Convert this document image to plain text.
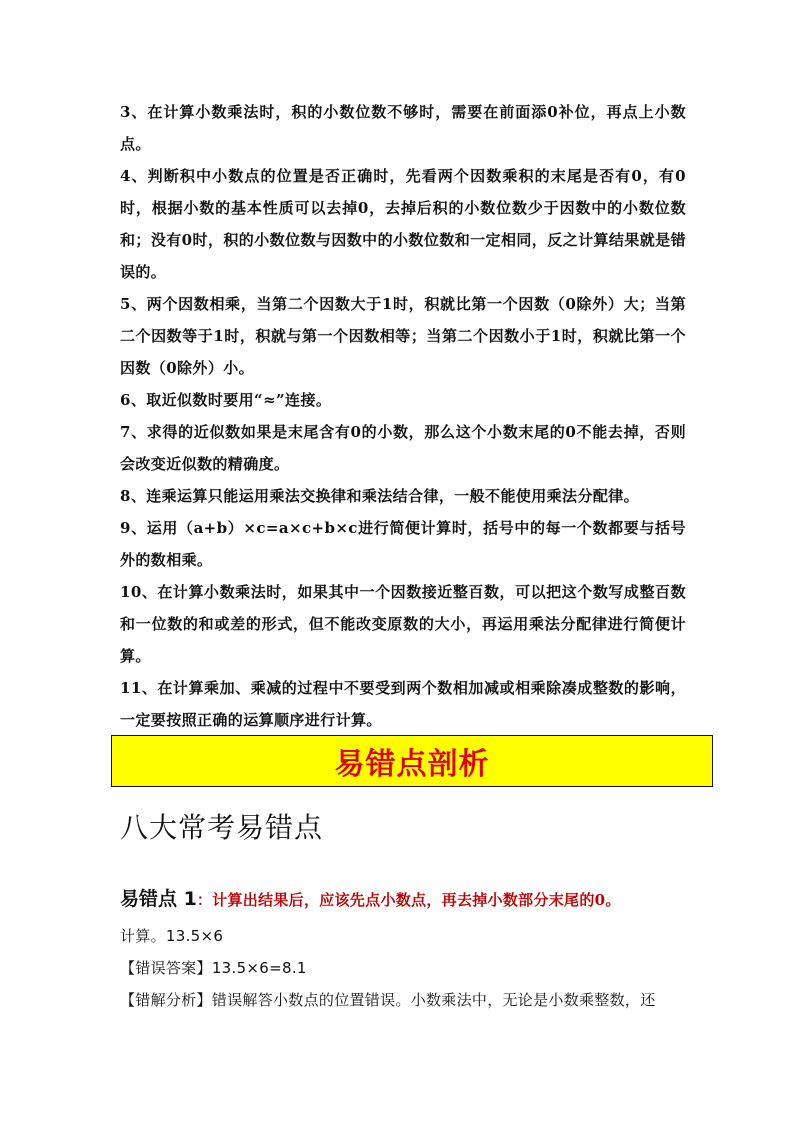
3、在计算小数乘法时，积的小数位数不够时，需要在前面添0补位，再点上小数点。

4、判断积中小数点的位置是否正确时，先看两个因数乘积的末尾是否有0，有0时，根据小数的基本性质可以去掉0，去掉后积的小数位数少于因数中的小数位数和；没有0时，积的小数位数与因数中的小数位数和一定相同，反之计算结果就是错误的。

5、两个因数相乘，当第二个因数大于1时，积就比第一个因数（0除外）大；当第二个因数等于1时，积就与第一个因数相等；当第二个因数小于1时，积就比第一个因数（0除外）小。

6、取近似数时要用“≈”连接。

7、求得的近似数如果是末尾含有0的小数，那么这个小数末尾的0不能去掉，否则会改变近似数的精确度。

8、连乘运算只能运用乘法交换律和乘法结合律，一般不能使用乘法分配律。

9、运用（a+b）×c=a×c+b×c进行简便计算时，括号中的每一个数都要与括号外的数相乘。

10、在计算小数乘法时，如果其中一个因数接近整百数，可以把这个数写成整百数和一位数的和或差的形式，但不能改变原数的大小，再运用乘法分配律进行简便计算。

11、在计算乘加、乘减的过程中不要受到两个数相加减或相乘除凑成整数的影响，一定要按照正确的运算顺序进行计算。

易错点剖析
八大常考易错点

易错点 1：计算出结果后，应该先点小数点，再去掉小数部分末尾的0。

计算。13.5×6

【错误答案】13.5×6=8.1

【错解分析】错误解答小数点的位置错误。小数乘法中，无论是小数乘整数，还
